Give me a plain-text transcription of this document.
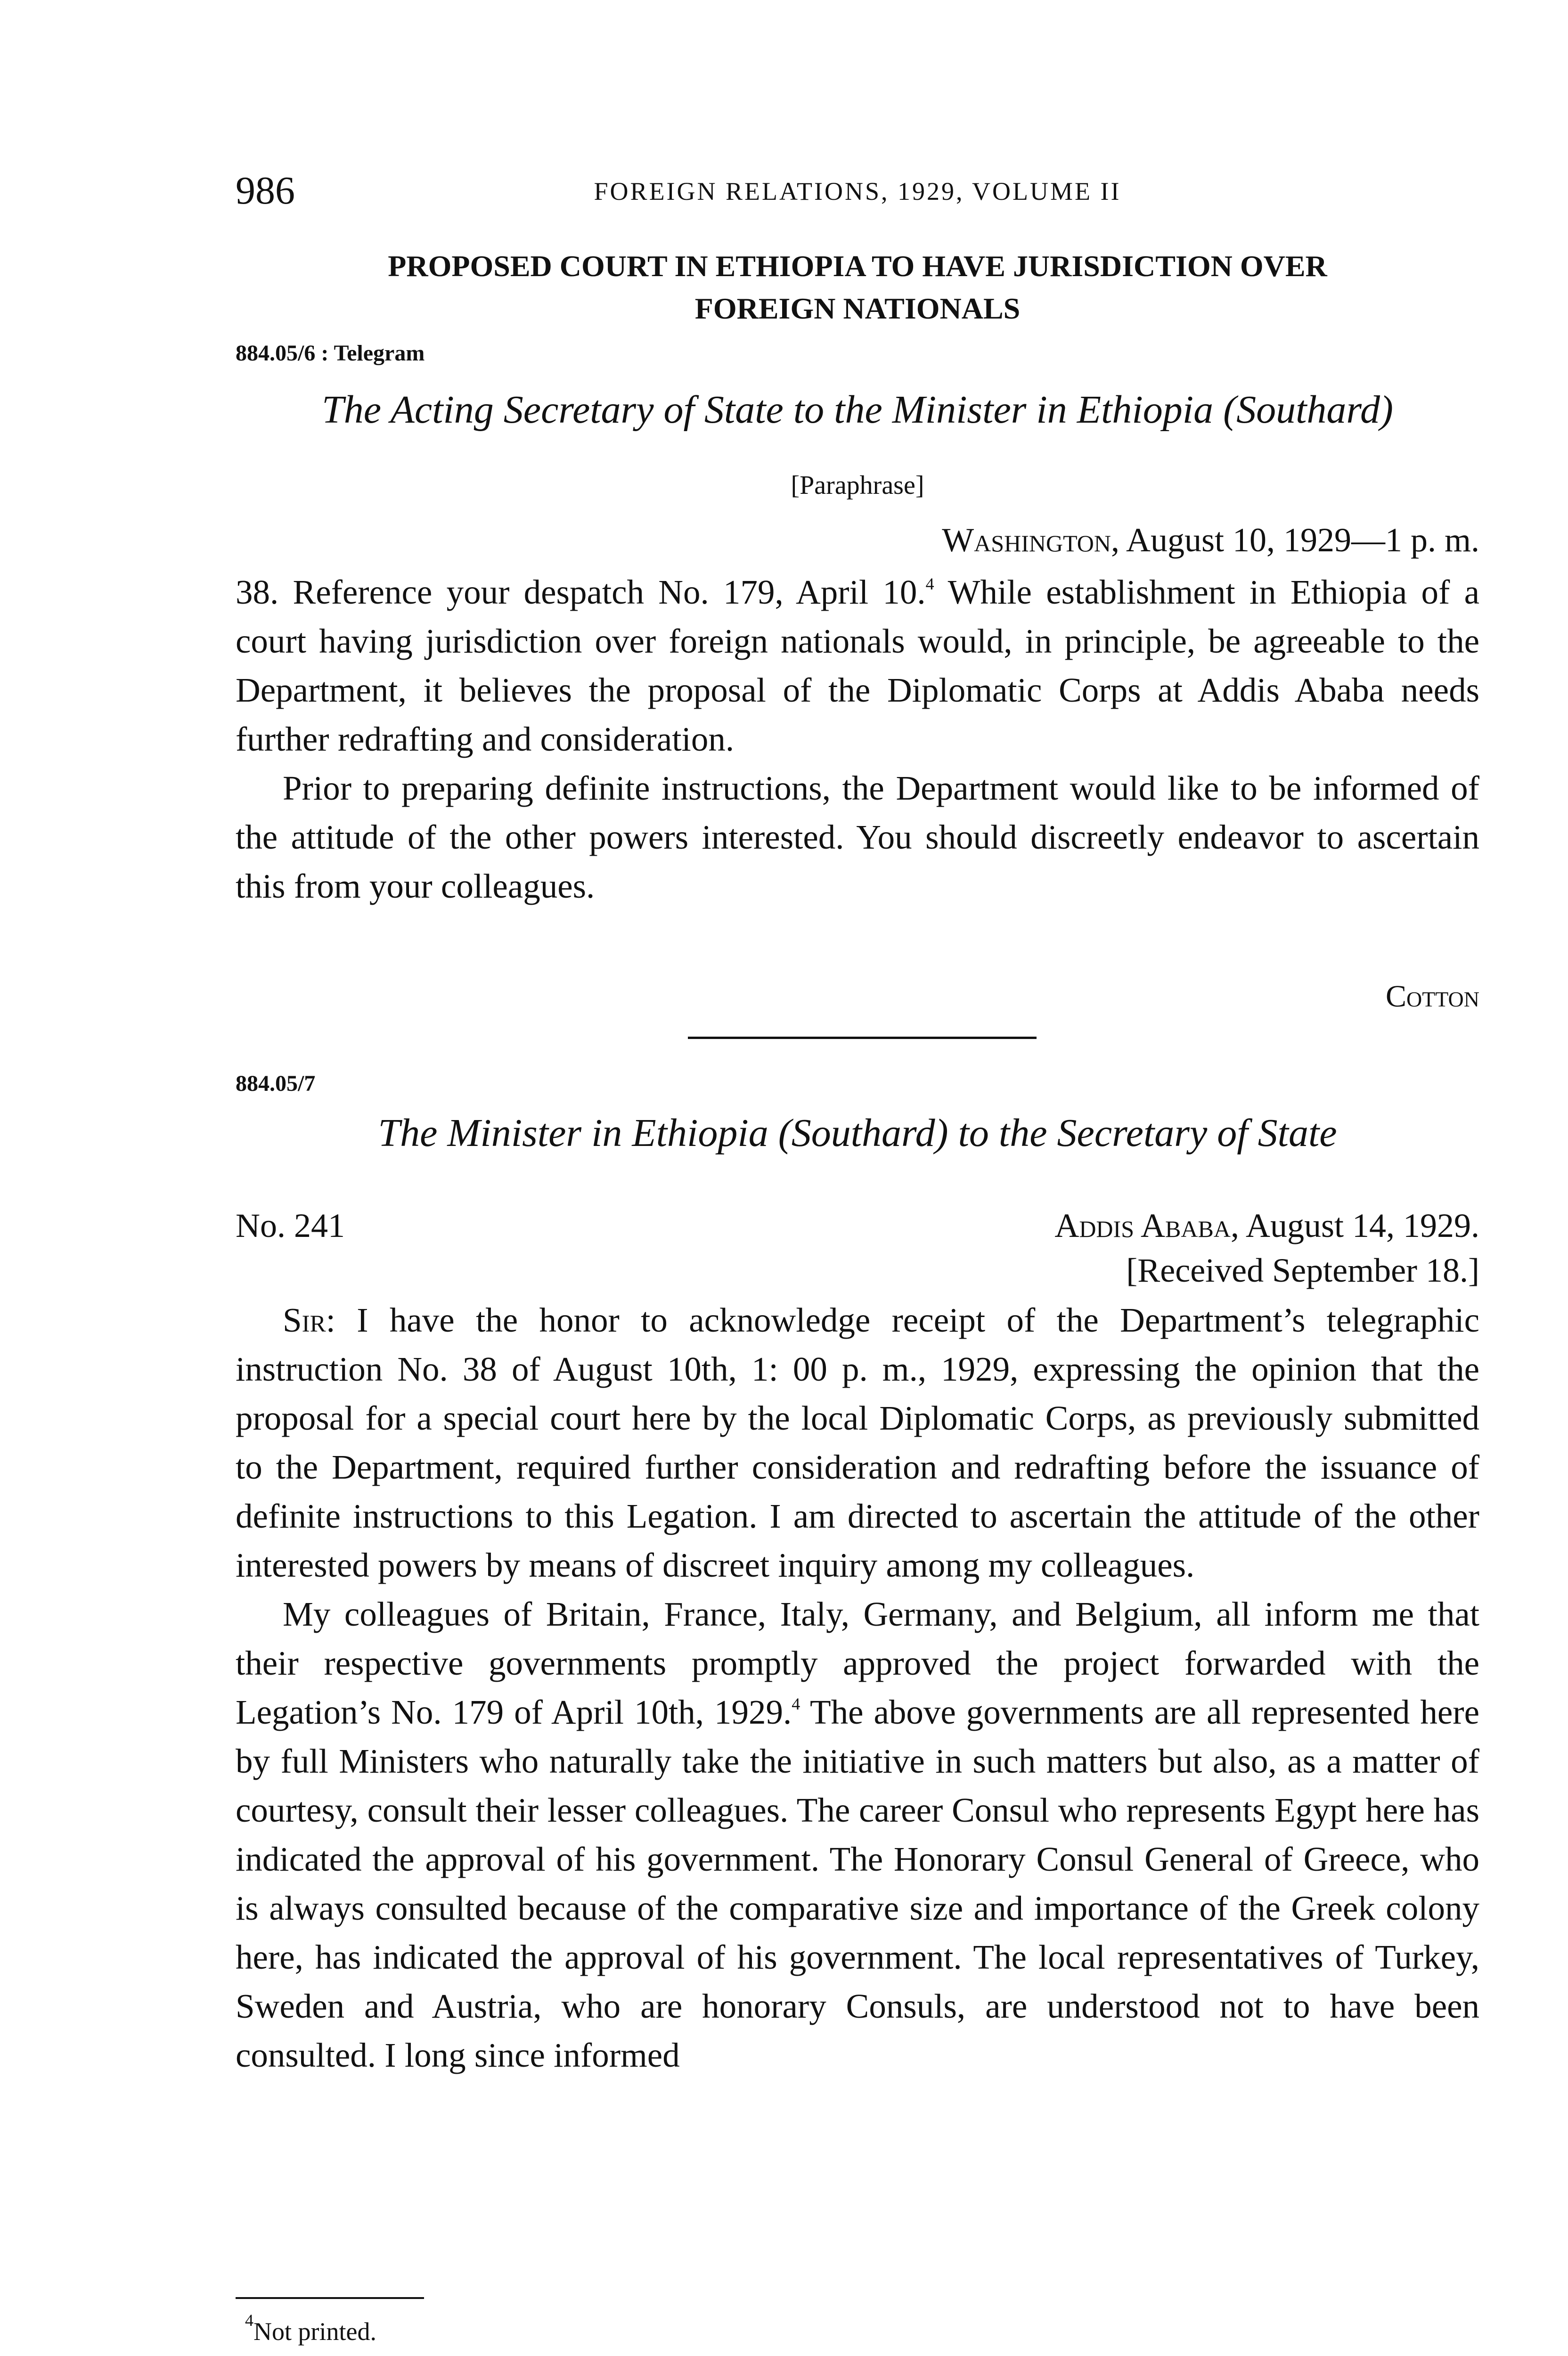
986	FOREIGN RELATIONS, 1929, VOLUME II
PROPOSED COURT IN ETHIOPIA TO HAVE JURISDICTION OVER
FOREIGN NATIONALS
884.05/6 : Telegram
The Acting Secretary of State to the Minister in Ethiopia (Southard)
[Paraphrase]
Washington, August 10, 1929—1 p. m.

38. Reference your despatch No. 179, April 10.$^4$ While establishment in Ethiopia of a court having jurisdiction over foreign nationals would, in principle, be agreeable to the Department, it believes the proposal of the Diplomatic Corps at Addis Ababa needs further redrafting and consideration.

Prior to preparing definite instructions, the Department would like to be informed of the attitude of the other powers interested. You should discreetly endeavor to ascertain this from your colleagues.

Cotton
884.05/7
The Minister in Ethiopia (Southard) to the Secretary of State
No. 241	Addis Ababa, August 14, 1929.
[Received September 18.]

Sir: I have the honor to acknowledge receipt of the Department’s telegraphic instruction No. 38 of August 10th, 1: 00 p. m., 1929, expressing the opinion that the proposal for a special court here by the local Diplomatic Corps, as previously submitted to the Department, required further consideration and redrafting before the issuance of definite instructions to this Legation. I am directed to ascertain the attitude of the other interested powers by means of discreet inquiry among my colleagues.

My colleagues of Britain, France, Italy, Germany, and Belgium, all inform me that their respective governments promptly approved the project forwarded with the Legation’s No. 179 of April 10th, 1929.$^4$ The above governments are all represented here by full Ministers who naturally take the initiative in such matters but also, as a matter of courtesy, consult their lesser colleagues. The career Consul who represents Egypt here has indicated the approval of his government. The Honorary Consul General of Greece, who is always consulted because of the comparative size and importance of the Greek colony here, has indicated the approval of his government. The local representatives of Turkey, Sweden and Austria, who are honorary Consuls, are understood not to have been consulted. I long since informed

$^4$Not printed.
